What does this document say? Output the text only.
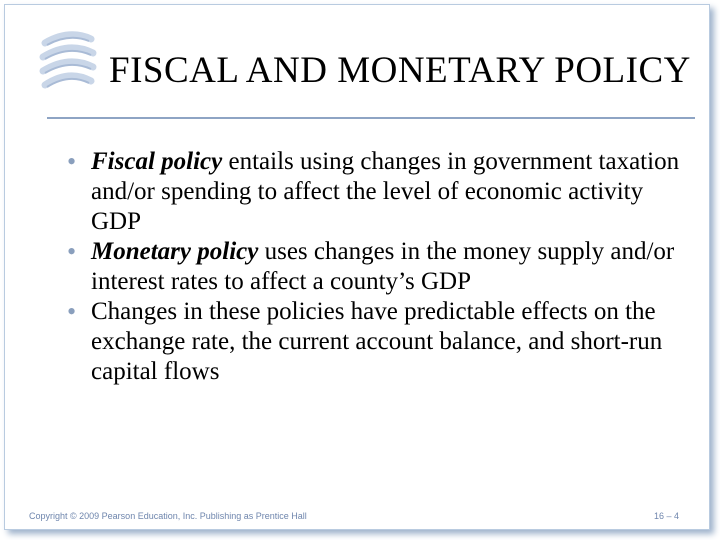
FISCAL AND MONETARY POLICY
• Fiscal policy entails using changes in government taxation and/or spending to affect the level of economic activity GDP
• Monetary policy uses changes in the money supply and/or interest rates to affect a county’s GDP
• Changes in these policies have predictable effects on the exchange rate, the current account balance, and short-run capital flows
Copyright © 2009 Pearson Education, Inc. Publishing as Prentice Hall	16 – 4
